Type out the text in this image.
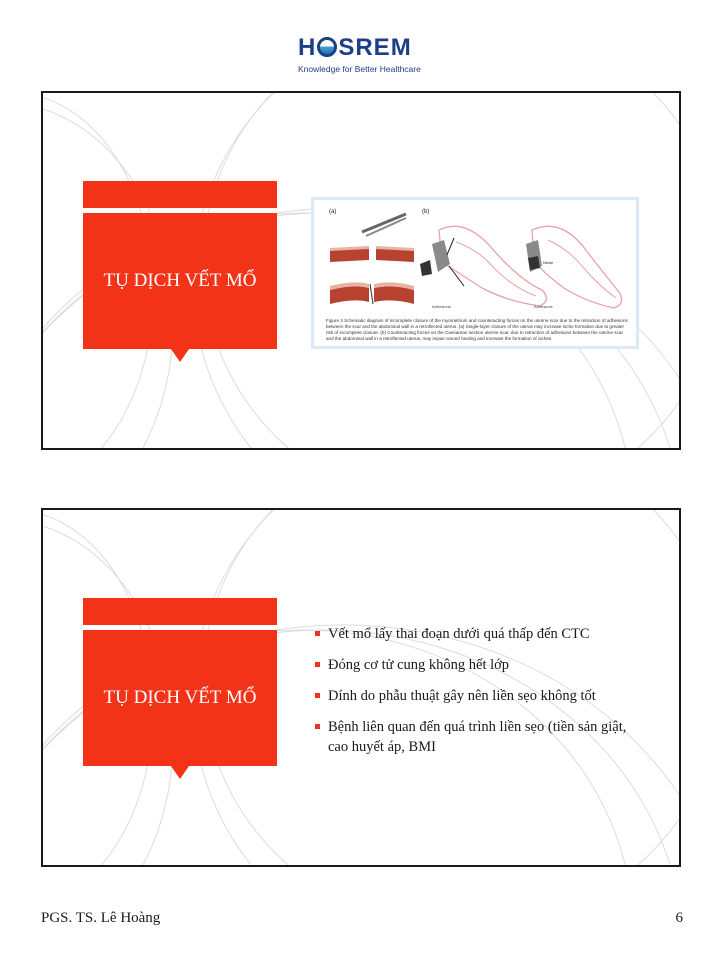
H SREM
Knowledge for Better Healthcare
TỤ DỊCH VẾT MỔ
(a)	(b)
Adhesions
Niche
Adhesions
Figure 3 Schematic diagram of incomplete closure of the myometrium and counteracting forces on the uterine scar due to the retraction of adhesions between the scar and the abdominal wall in a retroflected uterus. (a) Single-layer closure of the uterus may increase niche formation due to greater risk of incomplete closure. (b) Counteracting forces on the Caesarean section uterine scar, due to retraction of adhesions between the uterine scar and the abdominal wall in a retroflected uterus, may impair wound healing and increase the formation of niches.
TỤ DỊCH VẾT MỔ
Vết mổ lấy thai đoạn dưới quá thấp đến CTC
Đóng cơ tử cung không hết lớp
Dính do phẫu thuật gây nên liền sẹo không tốt
Bệnh liên quan đến quá trình liền sẹo (tiền sản giật, cao huyết áp, BMI
PGS. TS. Lê Hoàng	6
